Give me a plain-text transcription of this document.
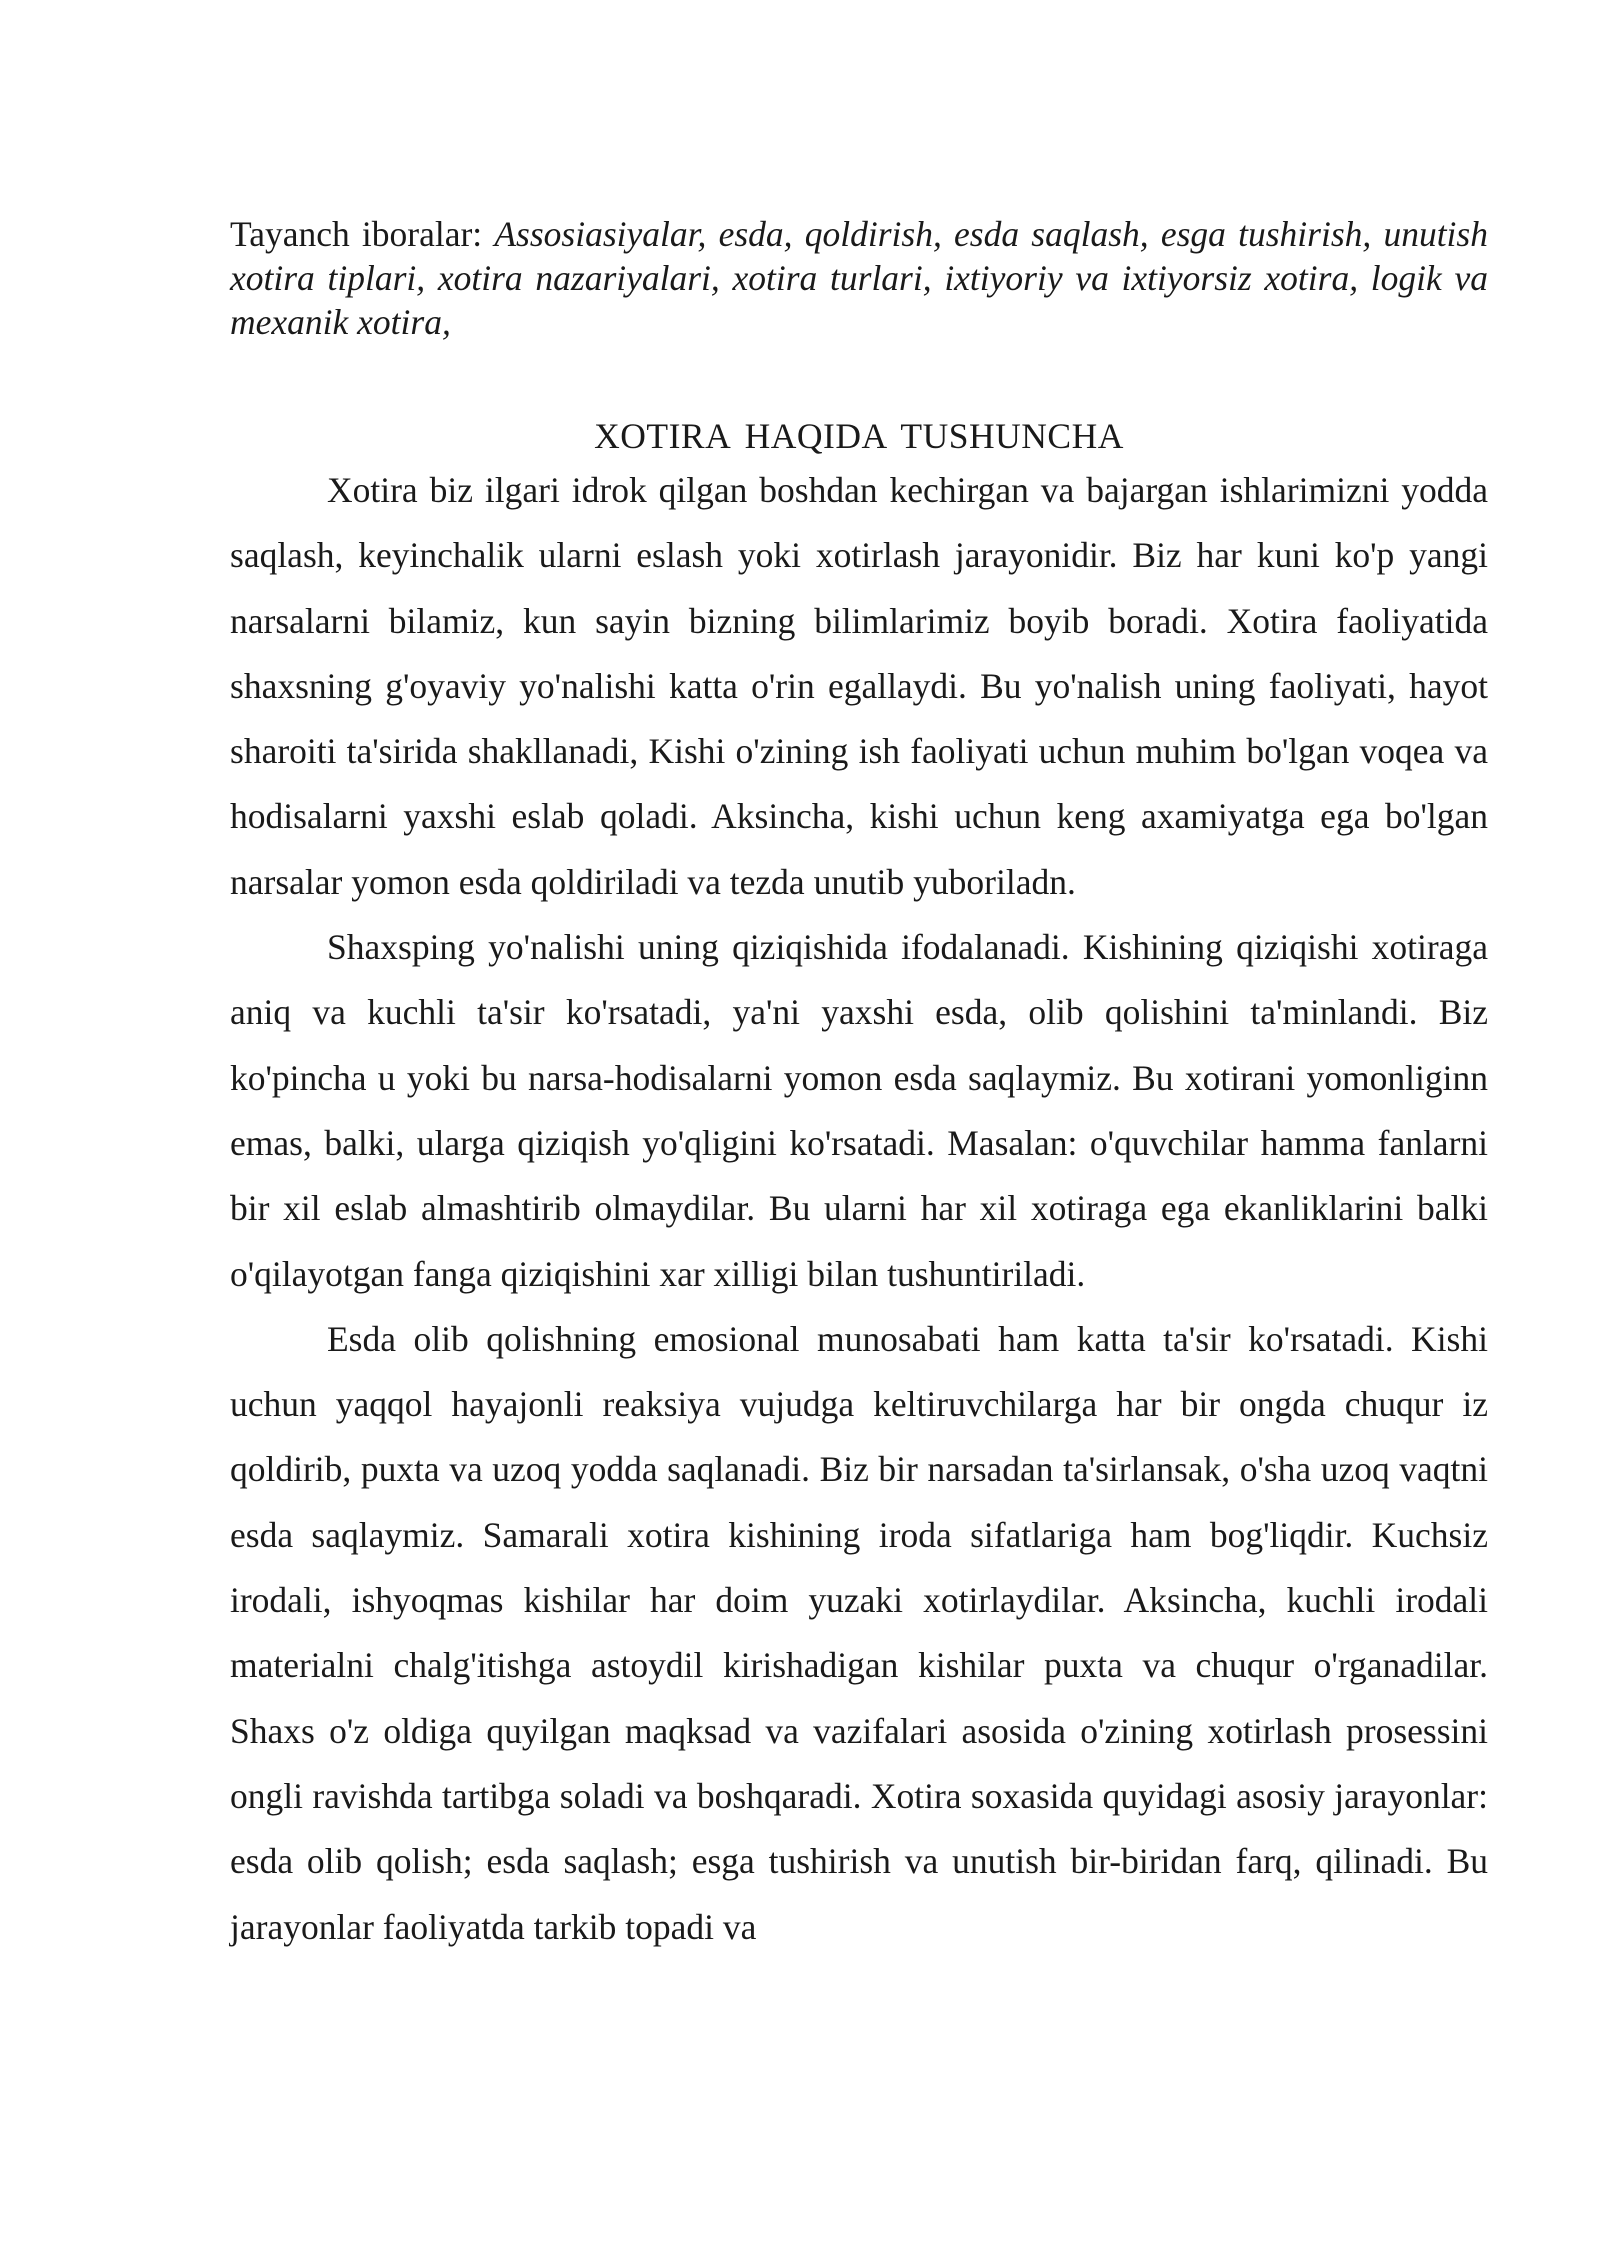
Tayanch iboralar: Assosiasiyalar, esda, qoldirish, esda saqlash, esga tushirish, unutish xotira tiplari, xotira nazariyalari, xotira turlari, ixtiyoriy va ixtiyorsiz xotira, logik va mexanik xotira,

XOTIRA HAQIDA TUSHUNCHA

Xotira biz ilgari idrok qilgan boshdan kechirgan va bajargan ishlarimizni yodda saqlash, keyinchalik ularni eslash yoki xotirlash jarayonidir. Biz har kuni ko'p yangi narsalarni bilamiz, kun sayin bizning bilimlarimiz boyib boradi. Xotira faoliyatida shaxsning g'oyaviy yo'nalishi katta o'rin egallaydi. Bu yo'nalish uning faoliyati, hayot sharoiti ta'sirida shakllanadi, Kishi o'zining ish faoliyati uchun muhim bo'lgan voqea va hodisalarni yaxshi eslab qoladi. Aksincha, kishi uchun keng axamiyatga ega bo'lgan narsalar yomon esda qoldiriladi va tezda unutib yuboriladn.

Shaxsping yo'nalishi uning qiziqishida ifodalanadi. Kishining qiziqishi xotiraga aniq va kuchli ta'sir ko'rsatadi, ya'ni yaxshi esda, olib qolishini ta'minlandi. Biz ko'pincha u yoki bu narsa-hodisalarni yomon esda saqlaymiz. Bu xotirani yomonliginn emas, balki, ularga qiziqish yo'qligini ko'rsatadi. Masalan: o'quvchilar hamma fanlarni bir xil eslab almashtirib olmaydilar. Bu ularni har xil xotiraga ega ekanliklarini balki o'qilayotgan fanga qiziqishini xar xilligi bilan tushuntiriladi.

Esda olib qolishning emosional munosabati ham katta ta'sir ko'rsatadi. Kishi uchun yaqqol hayajonli reaksiya vujudga keltiruvchilarga har bir ongda chuqur iz qoldirib, puxta va uzoq yodda saqlanadi. Biz bir narsadan ta'sirlansak, o'sha uzoq vaqtni esda saqlaymiz. Samarali xotira kishining iroda sifatlariga ham bog'liqdir. Kuchsiz irodali, ishyoqmas kishilar har doim yuzaki xotirlaydilar. Aksincha, kuchli irodali materialni chalg'itishga astoydil kirishadigan kishilar puxta va chuqur o'rganadilar. Shaxs o'z oldiga quyilgan maqksad va vazifalari asosida o'zining xotirlash prosessini ongli ravishda tartibga soladi va boshqaradi. Xotira soxasida quyidagi asosiy jarayonlar: esda olib qolish; esda saqlash; esga tushirish va unutish bir-biridan farq, qilinadi. Bu jarayonlar faoliyatda tarkib topadi va
